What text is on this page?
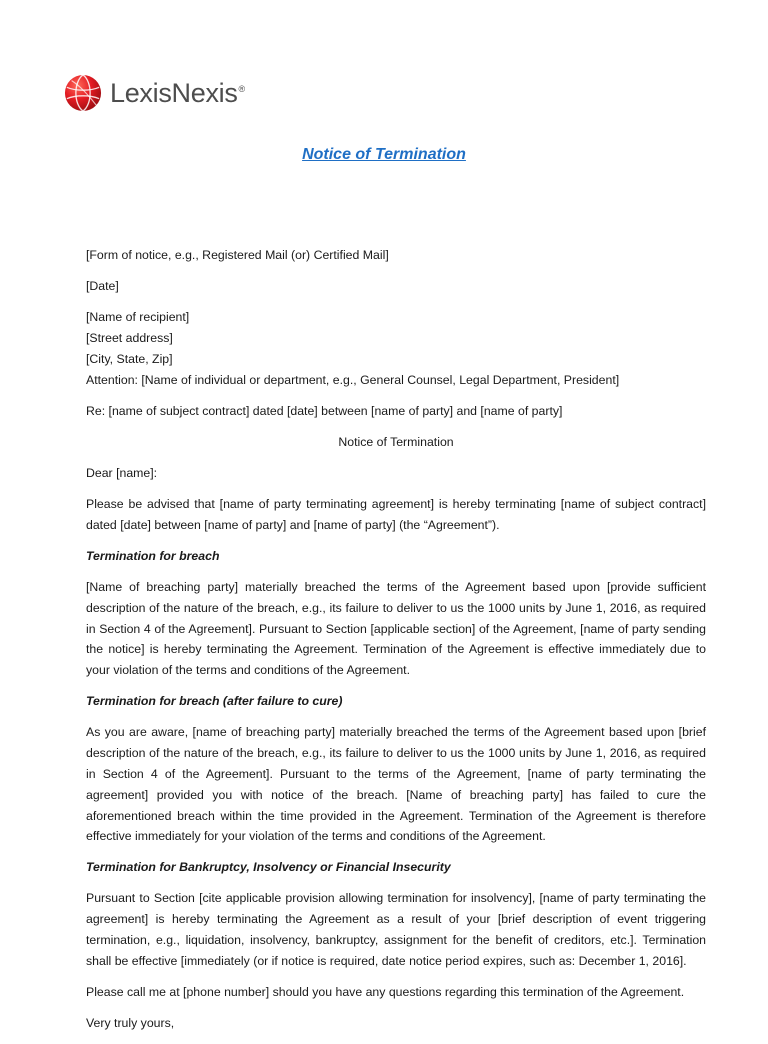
LexisNexis®
Notice of Termination

[Form of notice, e.g., Registered Mail (or) Certified Mail]

[Date]

[Name of recipient]

[Street address]

[City, State, Zip]

Attention: [Name of individual or department, e.g., General Counsel, Legal Department, President]

Re: [name of subject contract] dated [date] between [name of party] and [name of party]

Notice of Termination

Dear [name]:

Please be advised that [name of party terminating agreement] is hereby terminating [name of subject contract] dated [date] between [name of party] and [name of party] (the “Agreement”).

Termination for breach

[Name of breaching party] materially breached the terms of the Agreement based upon [provide sufficient description of the nature of the breach, e.g., its failure to deliver to us the 1000 units by June 1, 2016, as required in Section 4 of the Agreement]. Pursuant to Section [applicable section] of the Agreement, [name of party sending the notice] is hereby terminating the Agreement. Termination of the Agreement is effective immediately due to your violation of the terms and conditions of the Agreement.

Termination for breach (after failure to cure)

As you are aware, [name of breaching party] materially breached the terms of the Agreement based upon [brief description of the nature of the breach, e.g., its failure to deliver to us the 1000 units by June 1, 2016, as required in Section 4 of the Agreement]. Pursuant to the terms of the Agreement, [name of party terminating the agreement] provided you with notice of the breach. [Name of breaching party] has failed to cure the aforementioned breach within the time provided in the Agreement. Termination of the Agreement is therefore effective immediately for your violation of the terms and conditions of the Agreement.

Termination for Bankruptcy, Insolvency or Financial Insecurity

Pursuant to Section [cite applicable provision allowing termination for insolvency], [name of party terminating the agreement] is hereby terminating the Agreement as a result of your [brief description of event triggering termination, e.g., liquidation, insolvency, bankruptcy, assignment for the benefit of creditors, etc.]. Termination shall be effective [immediately (or if notice is required, date notice period expires, such as: December 1, 2016].

Please call me at [phone number] should you have any questions regarding this termination of the Agreement.

Very truly yours,
